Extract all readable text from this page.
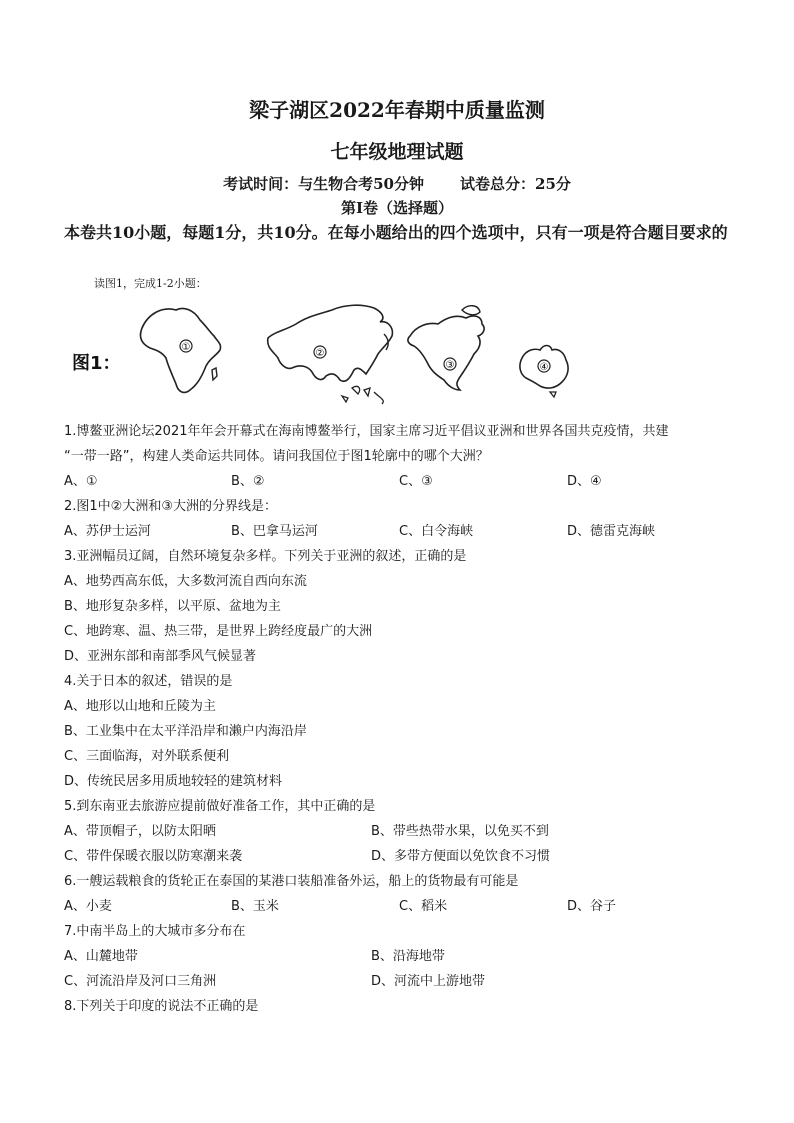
梁子湖区2022年春期中质量监测
七年级地理试题
考试时间：与生物合考50分钟 试卷总分：25分
第Ⅰ卷（选择题）
本卷共10小题，每题1分，共10分。在每小题给出的四个选项中，只有一项是符合题目要求的
读图1，完成1-2小题：
图1：
①
②
③	④
1.博鳌亚洲论坛2021年年会开幕式在海南博鳌举行，国家主席习近平倡议亚洲和世界各国共克疫情，共建
“一带一路”，构建人类命运共同体。请问我国位于图1轮廓中的哪个大洲？
A、①	B、②	C、③	D、④
2.图1中②大洲和③大洲的分界线是：
A、苏伊士运河	B、巴拿马运河	C、白令海峡	D、德雷克海峡
3.亚洲幅员辽阔，自然环境复杂多样。下列关于亚洲的叙述，正确的是
A、地势西高东低，大多数河流自西向东流
B、地形复杂多样，以平原、盆地为主
C、地跨寒、温、热三带，是世界上跨经度最广的大洲
D、亚洲东部和南部季风气候显著
4.关于日本的叙述，错误的是
A、地形以山地和丘陵为主
B、工业集中在太平洋沿岸和濑户内海沿岸
C、三面临海，对外联系便利
D、传统民居多用质地较轻的建筑材料
5.到东南亚去旅游应提前做好准备工作，其中正确的是
A、带顶帽子，以防太阳晒	B、带些热带水果，以免买不到
C、带件保暖衣服以防寒潮来袭	D、多带方便面以免饮食不习惯
6.一艘运载粮食的货轮正在泰国的某港口装船准备外运，船上的货物最有可能是
A、小麦	B、玉米	C、稻米	D、谷子
7.中南半岛上的大城市多分布在
A、山麓地带	B、沿海地带
C、河流沿岸及河口三角洲	D、河流中上游地带
8.下列关于印度的说法不正确的是
